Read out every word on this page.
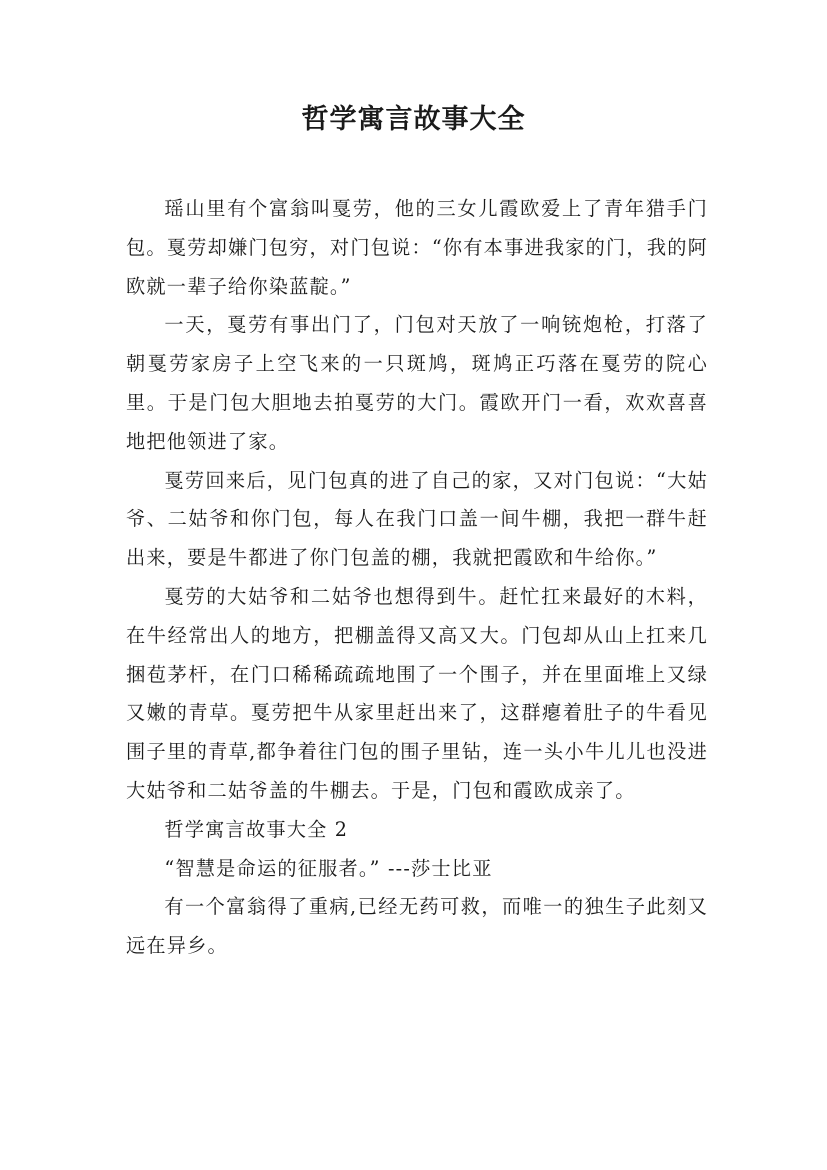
哲学寓言故事大全

瑶山里有个富翁叫戛劳，他的三女儿霞欧爱上了青年猎手门包。戛劳却嫌门包穷，对门包说：“你有本事进我家的门，我的阿欧就一辈子给你染蓝靛。”

一天，戛劳有事出门了，门包对天放了一响铳炮枪，打落了朝戛劳家房子上空飞来的一只斑鸠，斑鸠正巧落在戛劳的院心里。于是门包大胆地去拍戛劳的大门。霞欧开门一看，欢欢喜喜地把他领进了家。

戛劳回来后，见门包真的进了自己的家，又对门包说：“大姑爷、二姑爷和你门包，每人在我门口盖一间牛棚，我把一群牛赶出来，要是牛都进了你门包盖的棚，我就把霞欧和牛给你。”

戛劳的大姑爷和二姑爷也想得到牛。赶忙扛来最好的木料，在牛经常出人的地方，把棚盖得又高又大。门包却从山上扛来几捆苞茅杆，在门口稀稀疏疏地围了一个围子，并在里面堆上又绿又嫩的青草。戛劳把牛从家里赶出来了，这群瘪着肚子的牛看见围子里的青草,都争着往门包的围子里钻，连一头小牛儿儿也没进大姑爷和二姑爷盖的牛棚去。于是，门包和霞欧成亲了。

哲学寓言故事大全 2

“智慧是命运的征服者。” ---莎士比亚

有一个富翁得了重病,已经无药可救，而唯一的独生子此刻又远在异乡。
